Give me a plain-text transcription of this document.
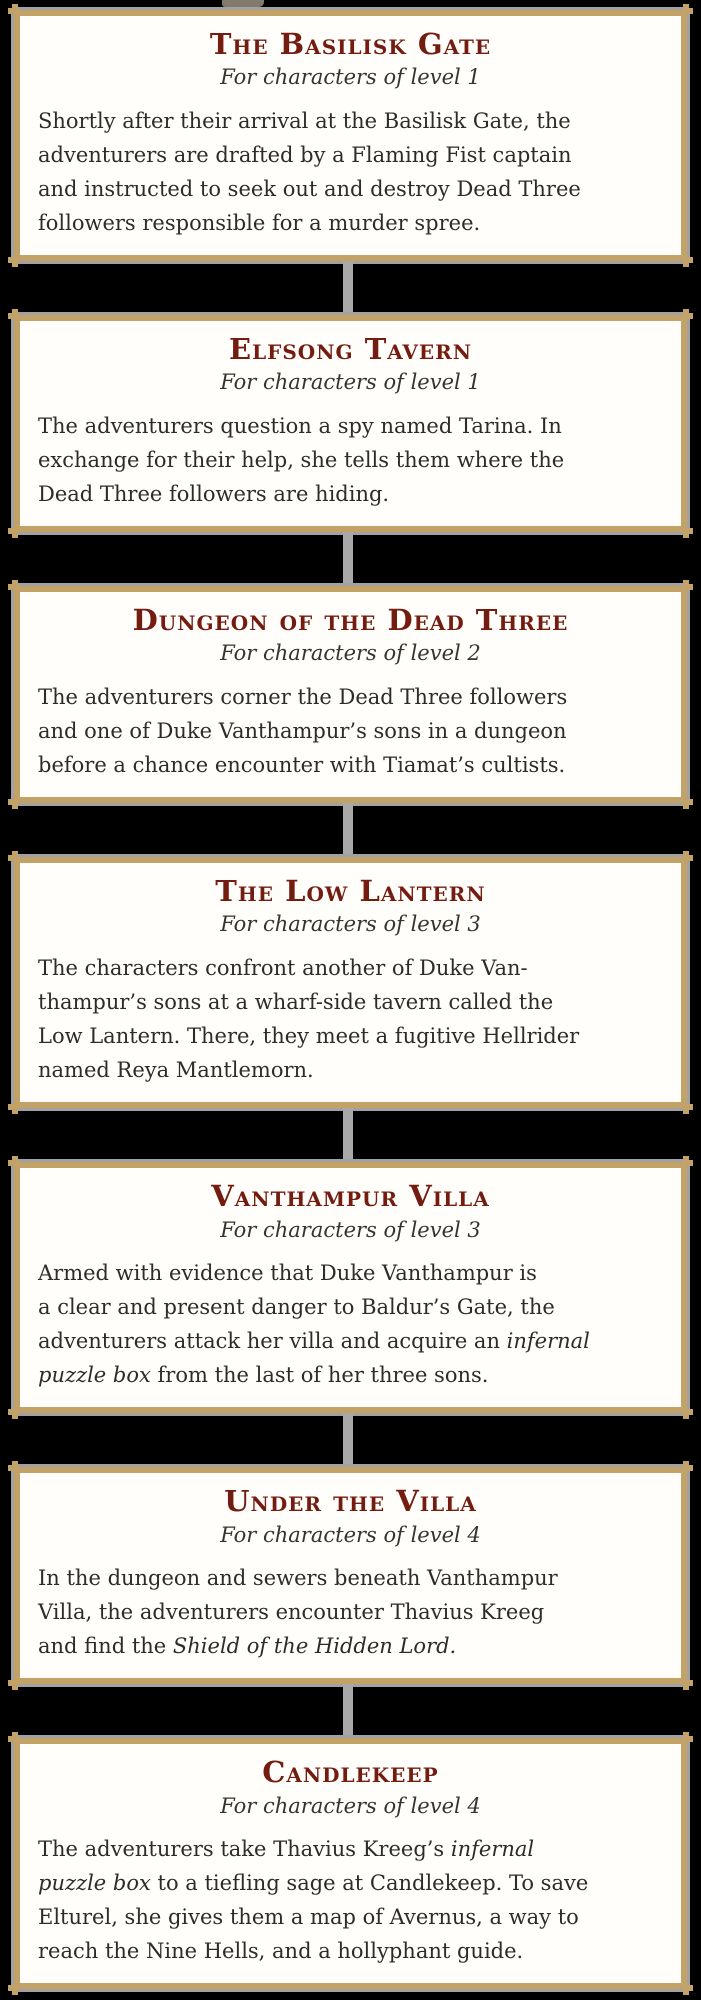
The Basilisk Gate
For characters of level 1

Shortly after their arrival at the Basilisk Gate, the
adventurers are drafted by a Flaming Fist captain
and instructed to seek out and destroy Dead Three
followers responsible for a murder spree.

Elfsong Tavern
For characters of level 1

The adventurers question a spy named Tarina. In
exchange for their help, she tells them where the
Dead Three followers are hiding.

Dungeon of the Dead Three
For characters of level 2

The adventurers corner the Dead Three followers
and one of Duke Vanthampur’s sons in a dungeon
before a chance encounter with Tiamat’s cultists.

The Low Lantern
For characters of level 3

The characters confront another of Duke Van-
thampur’s sons at a wharf-side tavern called the
Low Lantern. There, they meet a fugitive Hellrider
named Reya Mantlemorn.

Vanthampur Villa
For characters of level 3

Armed with evidence that Duke Vanthampur is
a clear and present danger to Baldur’s Gate, the
adventurers attack her villa and acquire an infernal
puzzle box from the last of her three sons.

Under the Villa
For characters of level 4

In the dungeon and sewers beneath Vanthampur
Villa, the adventurers encounter Thavius Kreeg
and find the Shield of the Hidden Lord.

Candlekeep
For characters of level 4

The adventurers take Thavius Kreeg’s infernal
puzzle box to a tiefling sage at Candlekeep. To save
Elturel, she gives them a map of Avernus, a way to
reach the Nine Hells, and a hollyphant guide.
